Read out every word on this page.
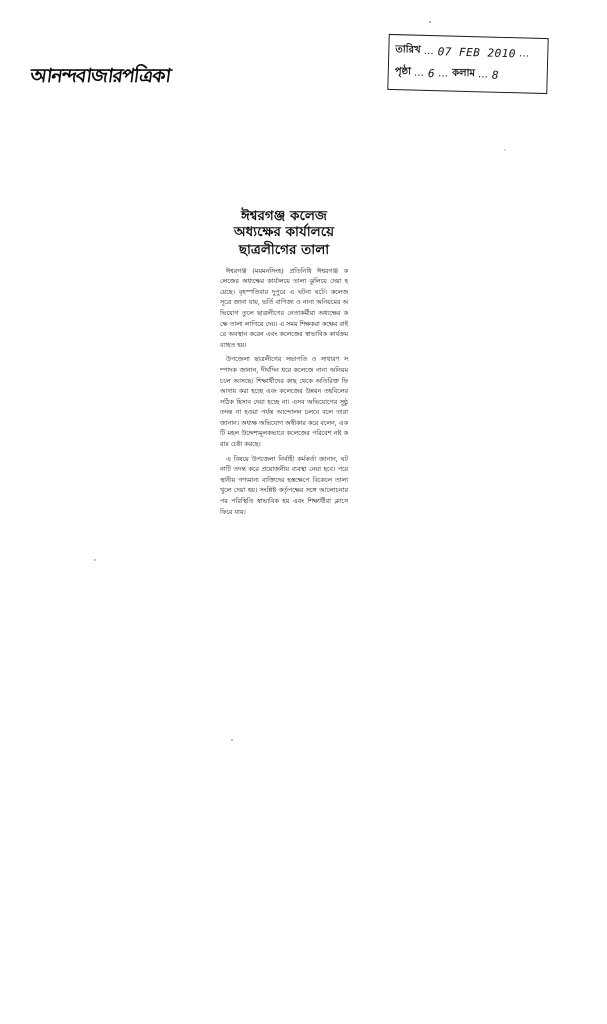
আনন্দবাজারপত্রিকা
তারিখ … 07 FEB 2010 …
পৃষ্ঠা … 6 … কলাম … 8
ঈশ্বরগঞ্জ কলেজ
অধ্যক্ষের কার্যালয়ে
ছাত্রলীগের তালা

ঈশ্বরগঞ্জ (ময়মনসিংহ) প্রতিনিধি ঈশ্বরগঞ্জ কলেজের অধ্যক্ষের কার্যালয়ে তালা ঝুলিয়ে দেয়া হয়েছে। বৃহস্পতিবার দুপুরে এ ঘটনা ঘটে। কলেজ সূত্রে জানা যায়, ভর্তি বাণিজ্য ও নানা অনিয়মের অভিযোগ তুলে ছাত্রলীগের নেতাকর্মীরা অধ্যক্ষের কক্ষে তালা লাগিয়ে দেয়। এ সময় শিক্ষকরা কক্ষের বাইরে অবস্থান করেন এবং কলেজের স্বাভাবিক কার্যক্রম ব্যাহত হয়।

উপজেলা ছাত্রলীগের সভাপতি ও সাধারণ সম্পাদক জানান, দীর্ঘদিন ধরে কলেজে নানা অনিয়ম চলে আসছে। শিক্ষার্থীদের কাছ থেকে অতিরিক্ত ফি আদায় করা হচ্ছে এবং কলেজের উন্নয়ন তহবিলের সঠিক হিসাব দেয়া হচ্ছে না। এসব অভিযোগের সুষ্ঠু তদন্ত না হওয়া পর্যন্ত আন্দোলন চলবে বলে তারা জানান। অধ্যক্ষ অভিযোগ অস্বীকার করে বলেন, একটি মহল উদ্দেশ্যমূলকভাবে কলেজের পরিবেশ নষ্ট করার চেষ্টা করছে।

এ বিষয়ে উপজেলা নির্বাহী কর্মকর্তা জানান, ঘটনাটি তদন্ত করে প্রয়োজনীয় ব্যবস্থা নেয়া হবে। পরে স্থানীয় গণ্যমান্য ব্যক্তিদের হস্তক্ষেপে বিকেলে তালা খুলে দেয়া হয়। সংশ্লিষ্ট কর্তৃপক্ষের সঙ্গে আলোচনার পর পরিস্থিতি স্বাভাবিক হয় এবং শিক্ষার্থীরা ক্লাসে ফিরে যায়।
